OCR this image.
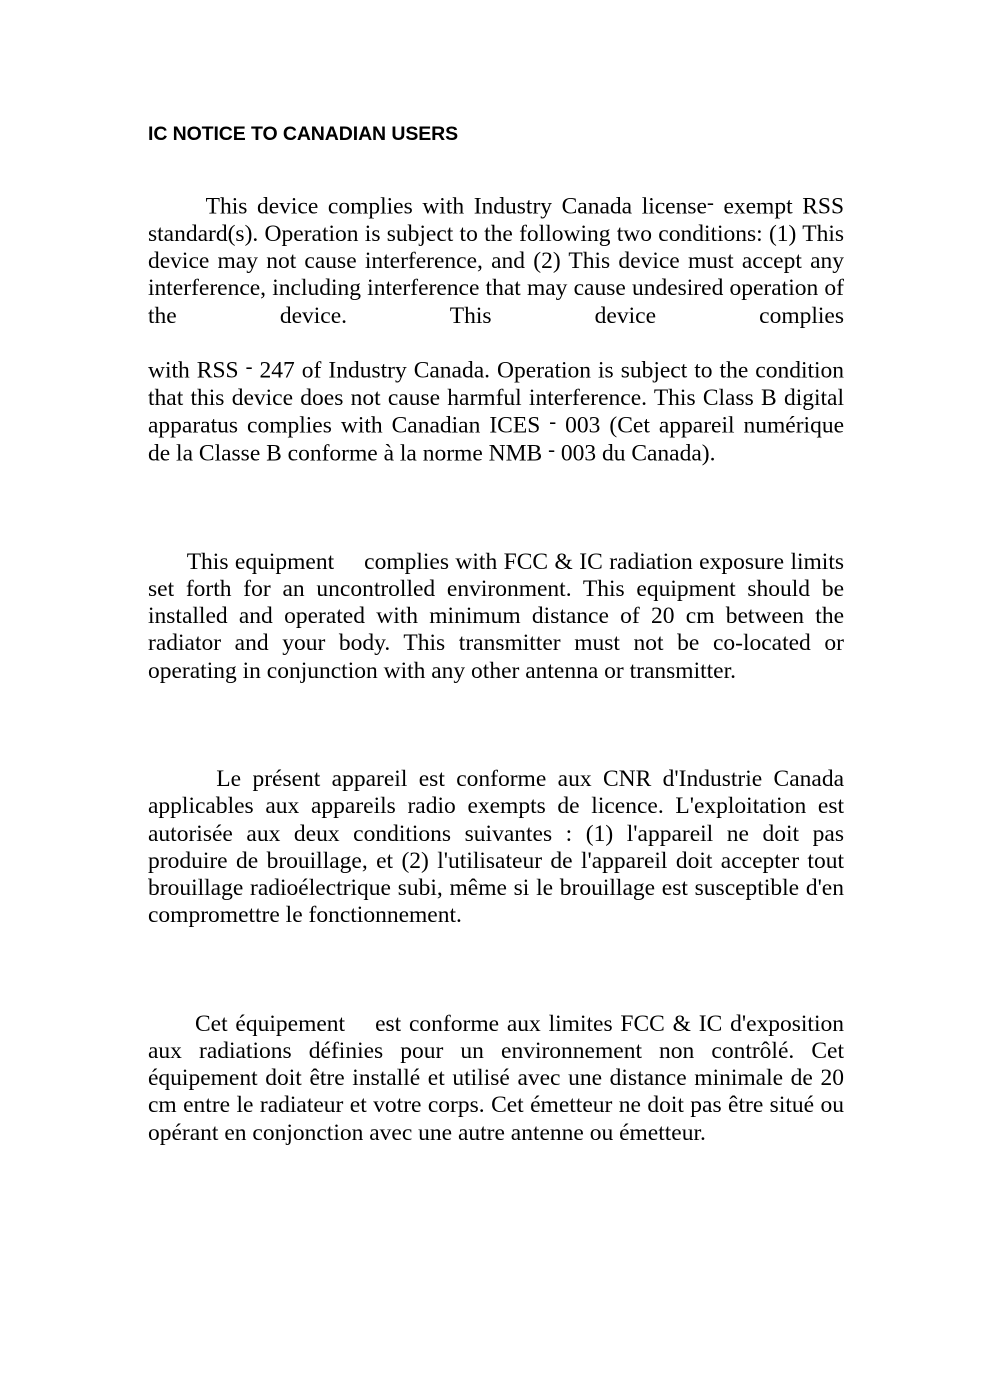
IC NOTICE TO CANADIAN USERS

This device complies with Industry Canada license‑ exempt RSS standard(s). Operation is subject to the following two conditions: (1) This device may not cause interference, and (2) This device must accept any interference, including interference that may cause undesired operation of the device. This device complieswith RSS ‑ 247 of Industry Canada. Operation is subject to the condition that this device does not cause harmful interference. This Class B digital apparatus complies with Canadian ICES ‑ 003 (Cet appareil numérique de la Classe B conforme à la norme NMB ‑ 003 du Canada).

This equipment complies with FCC & IC radiation exposure limits set forth for an uncontrolled environment. This equipment should be installed and operated with minimum distance of 20 cm between the radiator and your body. This transmitter must not be co-located or operating in conjunction with any other antenna or transmitter.

Le présent appareil est conforme aux CNR d'Industrie Canada applicables aux appareils radio exempts de licence. L'exploitation est autorisée aux deux conditions suivantes : (1) l'appareil ne doit pas produire de brouillage, et (2) l'utilisateur de l'appareil doit accepter tout brouillage radioélectrique subi, même si le brouillage est susceptible d'en compromettre le fonctionnement.

Cet équipement est conforme aux limites FCC & IC d'exposition aux radiations définies pour un environnement non contrôlé. Cet équipement doit être installé et utilisé avec une distance minimale de 20 cm entre le radiateur et votre corps. Cet émetteur ne doit pas être situé ou opérant en conjonction avec une autre antenne ou émetteur.
